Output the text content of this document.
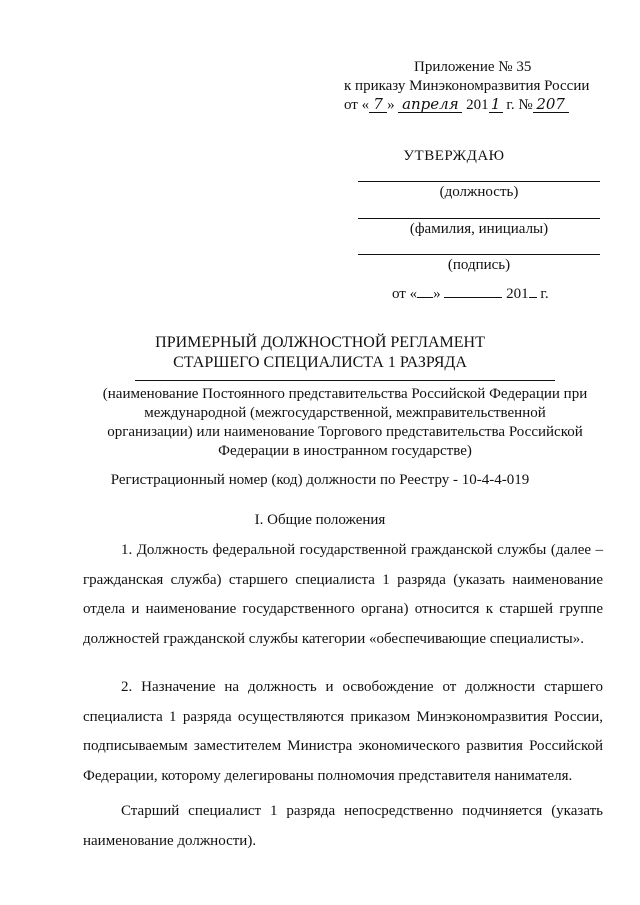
Приложение № 35
к приказу Минэкономразвития России
от « 7 » апреля 201 1 г. № 207
УТВЕРЖДАЮ
(должность)
(фамилия, инициалы)
(подпись)
от « »	201 г.
ПРИМЕРНЫЙ ДОЛЖНОСТНОЙ РЕГЛАМЕНТ
СТАРШЕГО СПЕЦИАЛИСТА 1 РАЗРЯДА
(наименование Постоянного представительства Российской Федерации при международной (межгосударственной, межправительственной организации) или наименование Торгового представительства Российской Федерации в иностранном государстве)
Регистрационный номер (код) должности по Реестру - 10-4-4-019
I. Общие положения
1. Должность федеральной государственной гражданской службы (далее – гражданская служба) старшего специалиста 1 разряда (указать наименование отдела и наименование государственного органа) относится к старшей группе должностей гражданской службы категории «обеспечивающие специалисты».
2. Назначение на должность и освобождение от должности старшего специалиста 1 разряда осуществляются приказом Минэкономразвития России, подписываемым заместителем Министра экономического развития Российской Федерации, которому делегированы полномочия представителя нанимателя.
Старший специалист 1 разряда непосредственно подчиняется (указать наименование должности).
